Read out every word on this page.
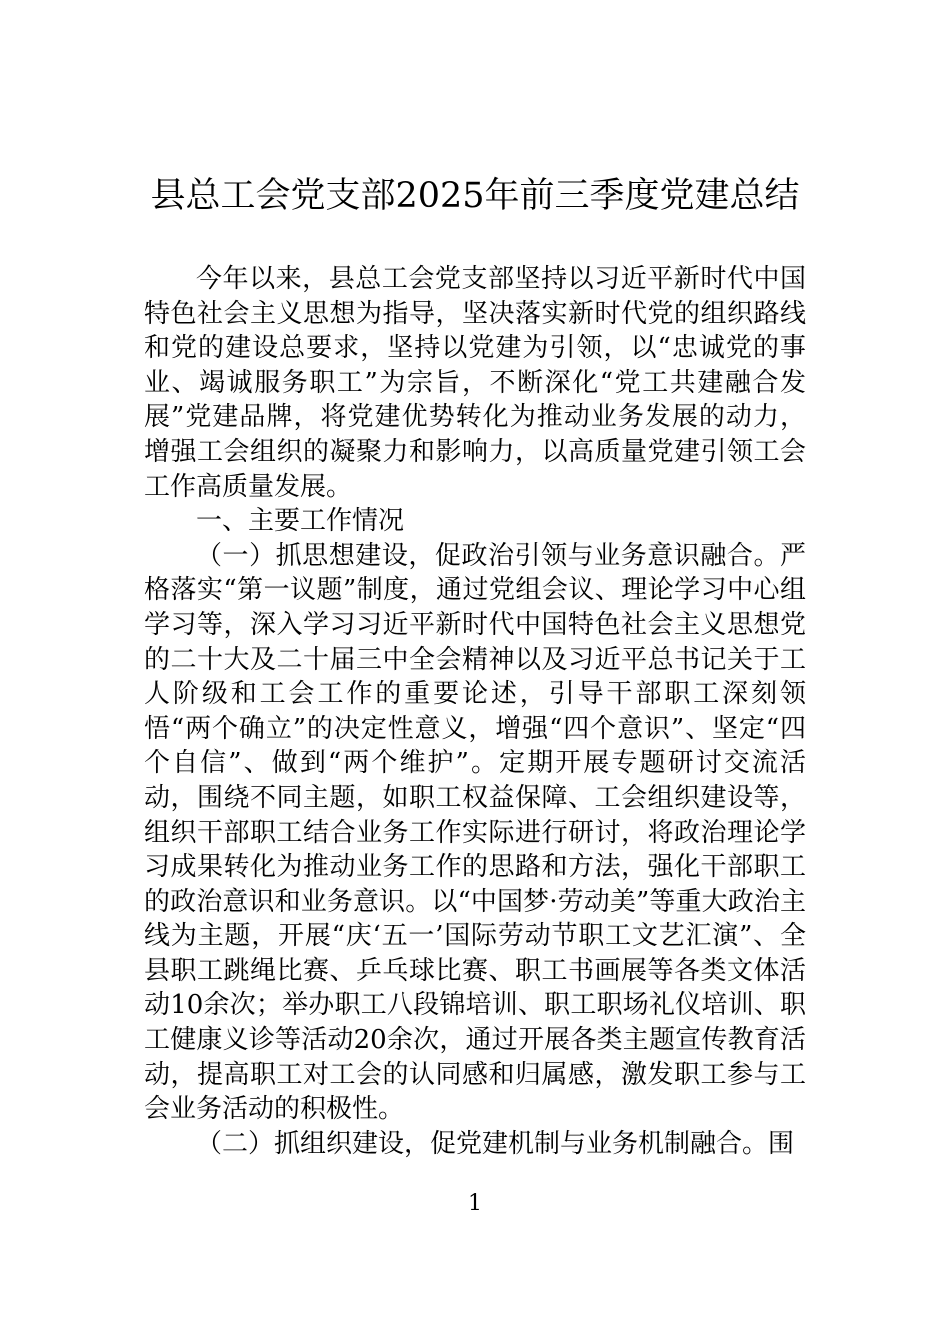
县总工会党支部2025年前三季度党建总结

今年以来，县总工会党支部坚持以习近平新时代中国特色社会主义思想为指导，坚决落实新时代党的组织路线和党的建设总要求，坚持以党建为引领，以“忠诚党的事业、竭诚服务职工”为宗旨，不断深化“党工共建融合发展”党建品牌，将党建优势转化为推动业务发展的动力，增强工会组织的凝聚力和影响力，以高质量党建引领工会工作高质量发展。

一、主要工作情况

（一）抓思想建设，促政治引领与业务意识融合。严格落实“第一议题”制度，通过党组会议、理论学习中心组学习等，深入学习习近平新时代中国特色社会主义思想党的二十大及二十届三中全会精神以及习近平总书记关于工人阶级和工会工作的重要论述，引导干部职工深刻领悟“两个确立”的决定性意义，增强“四个意识”、坚定“四个自信”、做到“两个维护”。定期开展专题研讨交流活动，围绕不同主题，如职工权益保障、工会组织建设等，组织干部职工结合业务工作实际进行研讨，将政治理论学习成果转化为推动业务工作的思路和方法，强化干部职工的政治意识和业务意识。以“中国梦·劳动美”等重大政治主线为主题，开展“庆‘五一’国际劳动节职工文艺汇演”、全县职工跳绳比赛、乒乓球比赛、职工书画展等各类文体活动10余次；举办职工八段锦培训、职工职场礼仪培训、职工健康义诊等活动20余次，通过开展各类主题宣传教育活动，提高职工对工会的认同感和归属感，激发职工参与工会业务活动的积极性。

（二）抓组织建设，促党建机制与业务机制融合。围

1
